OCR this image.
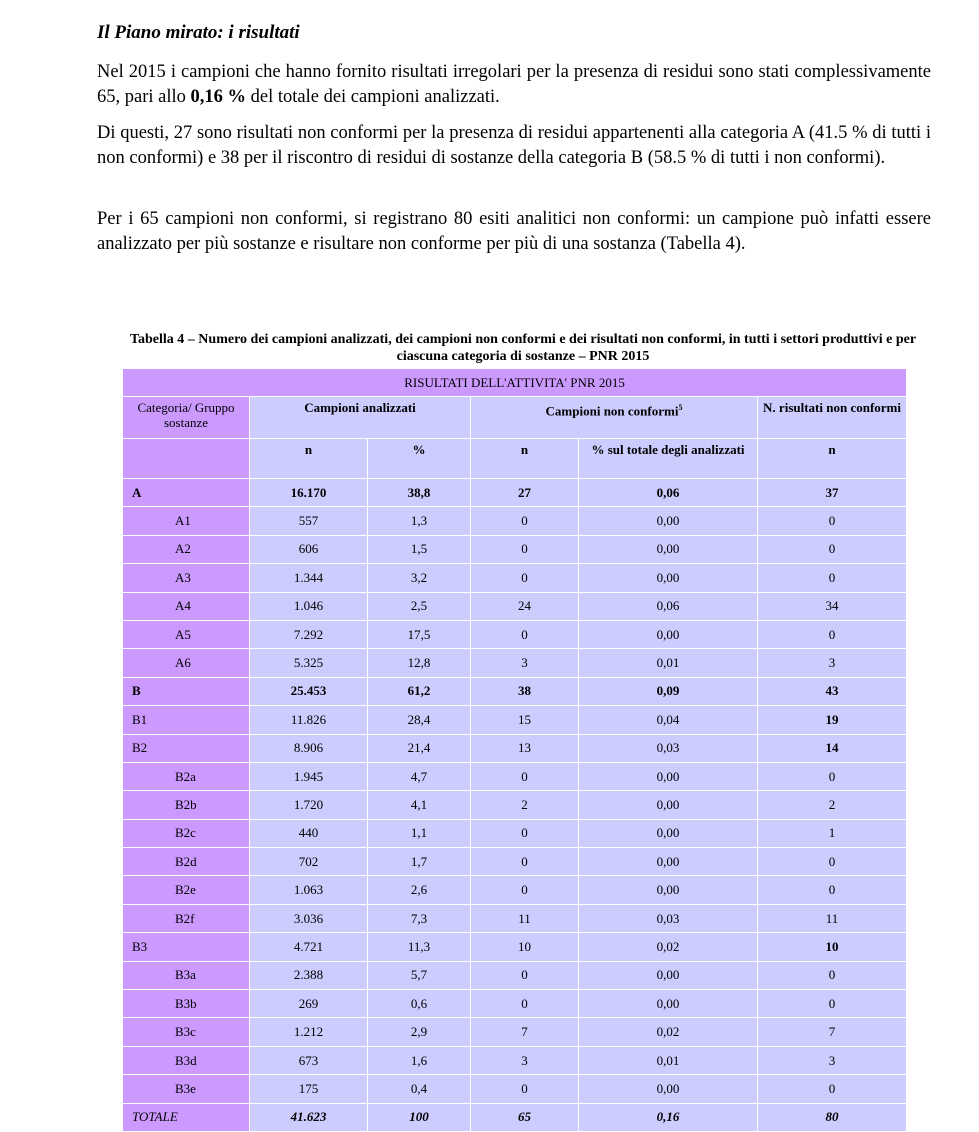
Il Piano mirato: i risultati
Nel 2015 i campioni che hanno fornito risultati irregolari per la presenza di residui sono stati complessivamente 65, pari allo 0,16 % del totale dei campioni analizzati.
Di questi, 27 sono risultati non conformi per la presenza di residui appartenenti alla categoria A (41.5 % di tutti i non conformi) e 38 per il riscontro di residui di sostanze della categoria B (58.5 % di tutti i non conformi).
Per i 65 campioni non conformi, si registrano 80 esiti analitici non conformi: un campione può infatti essere analizzato per più sostanze e risultare non conforme per più di una sostanza (Tabella 4).
Tabella 4 – Numero dei campioni analizzati, dei campioni non conformi e dei risultati non conformi, in tutti i settori produttivi e per ciascuna categoria di sostanze – PNR 2015
RISULTATI DELL'ATTIVITA' PNR 2015					
Categoria/ Gruppo sostanze	Campioni analizzati		Campioni non conformi$^5$		N. risultati non conformi
	n	%	n	% sul totale degli analizzati	n
A	16.170	38,8	27	0,06	37
A1	557	1,3	0	0,00	0
A2	606	1,5	0	0,00	0
A3	1.344	3,2	0	0,00	0
A4	1.046	2,5	24	0,06	34
A5	7.292	17,5	0	0,00	0
A6	5.325	12,8	3	0,01	3
B	25.453	61,2	38	0,09	43
B1	11.826	28,4	15	0,04	19
B2	8.906	21,4	13	0,03	14
B2a	1.945	4,7	0	0,00	0
B2b	1.720	4,1	2	0,00	2
B2c	440	1,1	0	0,00	1
B2d	702	1,7	0	0,00	0
B2e	1.063	2,6	0	0,00	0
B2f	3.036	7,3	11	0,03	11
B3	4.721	11,3	10	0,02	10
B3a	2.388	5,7	0	0,00	0
B3b	269	0,6	0	0,00	0
B3c	1.212	2,9	7	0,02	7
B3d	673	1,6	3	0,01	3
B3e	175	0,4	0	0,00	0
TOTALE	41.623	100	65	0,16	80
